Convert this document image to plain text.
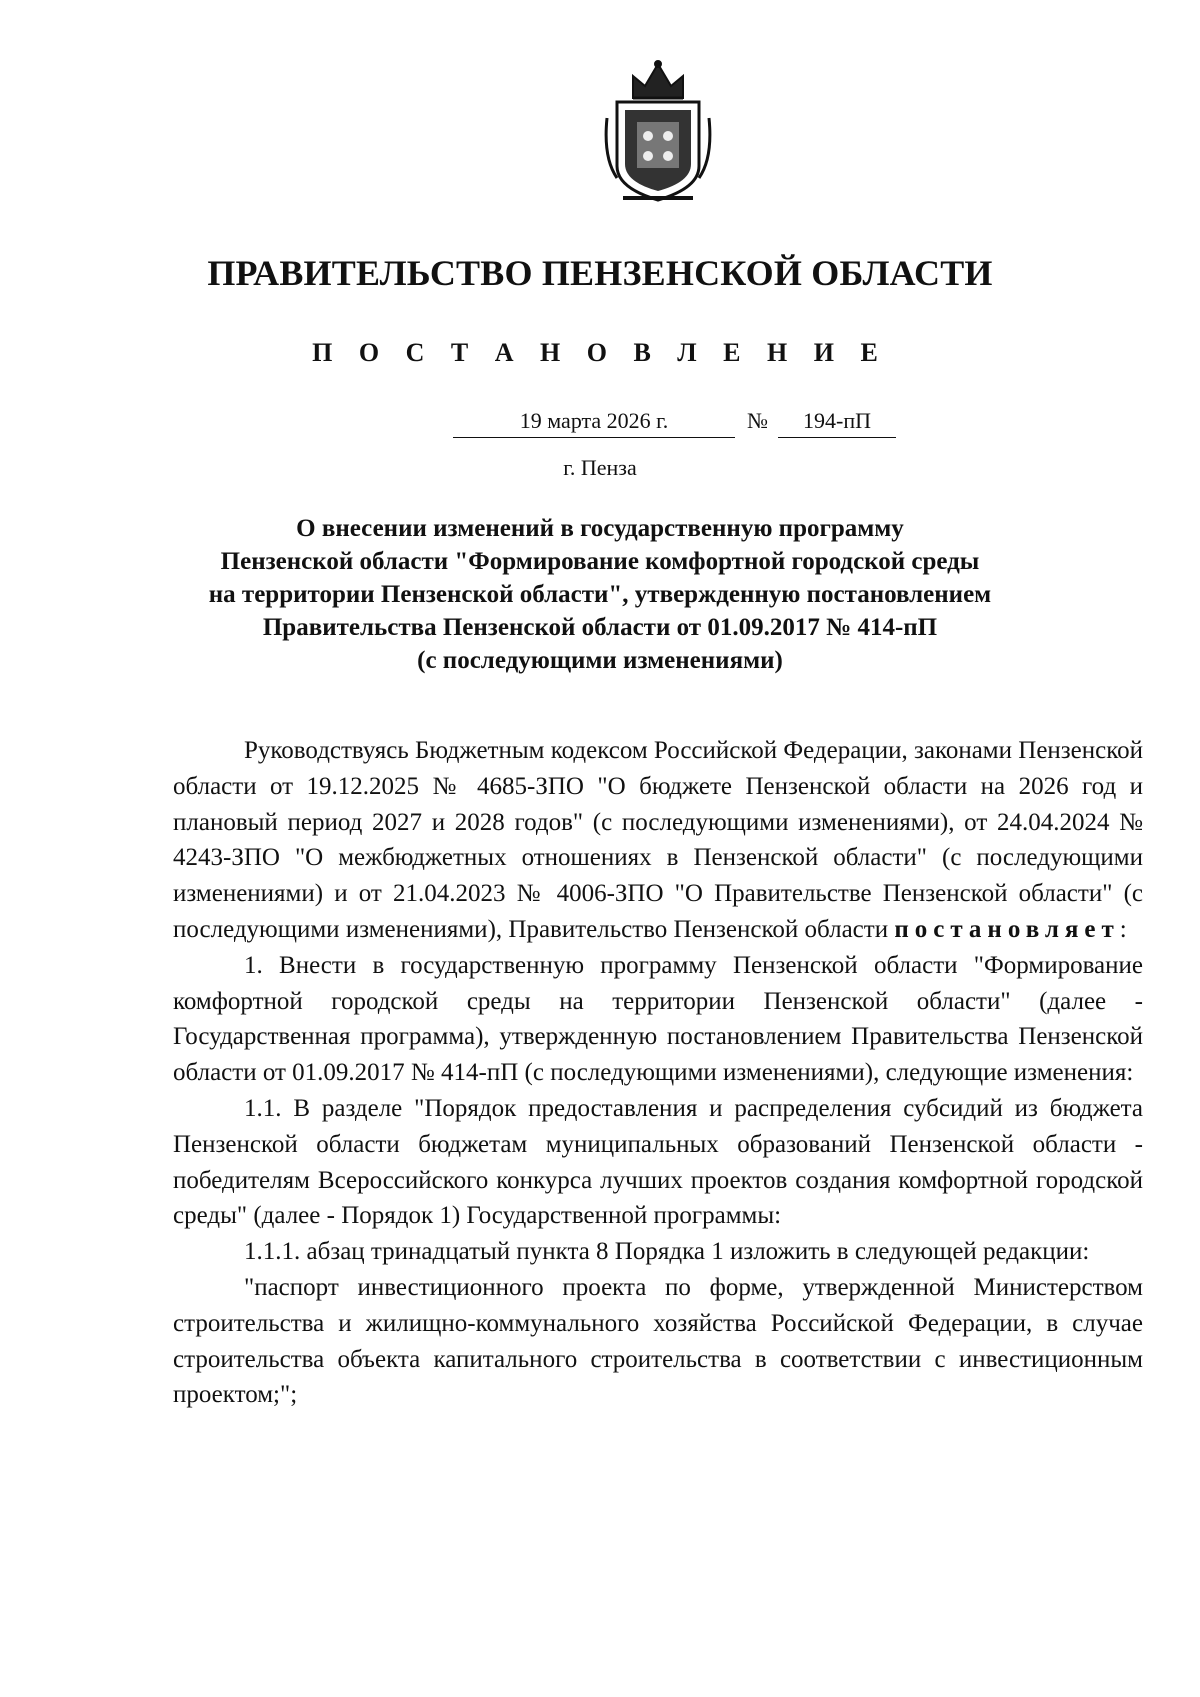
ПРАВИТЕЛЬСТВО ПЕНЗЕНСКОЙ ОБЛАСТИ
П О С Т А Н О В Л Е Н И Е
19 марта 2026 г.	№	194-пП
г. Пенза
О внесении изменений в государственную программу
Пензенской области "Формирование комфортной городской среды
на территории Пензенской области", утвержденную постановлением
Правительства Пензенской области от 01.09.2017 № 414-пП
(с последующими изменениями)

Руководствуясь Бюджетным кодексом Российской Федерации, законами Пензенской области от 19.12.2025 № 4685-ЗПО "О бюджете Пензенской области на 2026 год и плановый период 2027 и 2028 годов" (с последующими изменениями), от 24.04.2024 № 4243-ЗПО "О межбюджетных отношениях в Пензенской области" (с последующими изменениями) и от 21.04.2023 № 4006-ЗПО "О Правительстве Пензенской области" (с последующими изменениями), Правительство Пензенской области постановляет:

1. Внести в государственную программу Пензенской области "Формирование комфортной городской среды на территории Пензенской области" (далее - Государственная программа), утвержденную постановлением Правительства Пензенской области от 01.09.2017 № 414-пП (с последующими изменениями), следующие изменения:

1.1. В разделе "Порядок предоставления и распределения субсидий из бюджета Пензенской области бюджетам муниципальных образований Пензенской области - победителям Всероссийского конкурса лучших проектов создания комфортной городской среды" (далее - Порядок 1) Государственной программы:

1.1.1. абзац тринадцатый пункта 8 Порядка 1 изложить в следующей редакции:

"паспорт инвестиционного проекта по форме, утвержденной Министерством строительства и жилищно-коммунального хозяйства Российской Федерации, в случае строительства объекта капитального строительства в соответствии с инвестиционным проектом;";
